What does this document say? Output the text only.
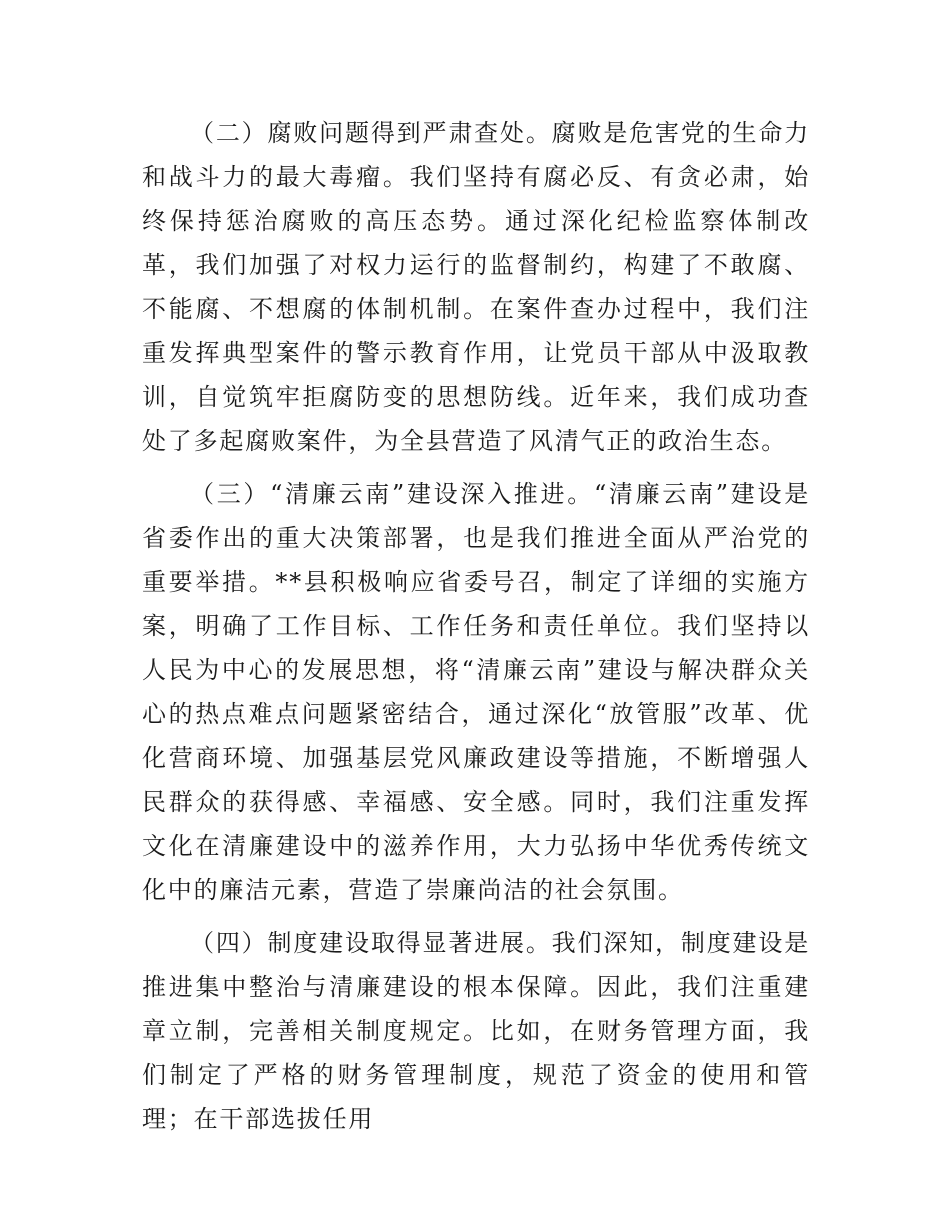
（二）腐败问题得到严肃查处。腐败是危害党的生命力和战斗力的最大毒瘤。我们坚持有腐必反、有贪必肃，始终保持惩治腐败的高压态势。通过深化纪检监察体制改革，我们加强了对权力运行的监督制约，构建了不敢腐、不能腐、不想腐的体制机制。在案件查办过程中，我们注重发挥典型案件的警示教育作用，让党员干部从中汲取教训，自觉筑牢拒腐防变的思想防线。近年来，我们成功查处了多起腐败案件，为全县营造了风清气正的政治生态。

（三）“清廉云南”建设深入推进。“清廉云南”建设是省委作出的重大决策部署，也是我们推进全面从严治党的重要举措。**县积极响应省委号召，制定了详细的实施方案，明确了工作目标、工作任务和责任单位。我们坚持以人民为中心的发展思想，将“清廉云南”建设与解决群众关心的热点难点问题紧密结合，通过深化“放管服”改革、优化营商环境、加强基层党风廉政建设等措施，不断增强人民群众的获得感、幸福感、安全感。同时，我们注重发挥文化在清廉建设中的滋养作用，大力弘扬中华优秀传统文化中的廉洁元素，营造了崇廉尚洁的社会氛围。

（四）制度建设取得显著进展。我们深知，制度建设是推进集中整治与清廉建设的根本保障。因此，我们注重建章立制，完善相关制度规定。比如，在财务管理方面，我们制定了严格的财务管理制度，规范了资金的使用和管理；在干部选拔任用
